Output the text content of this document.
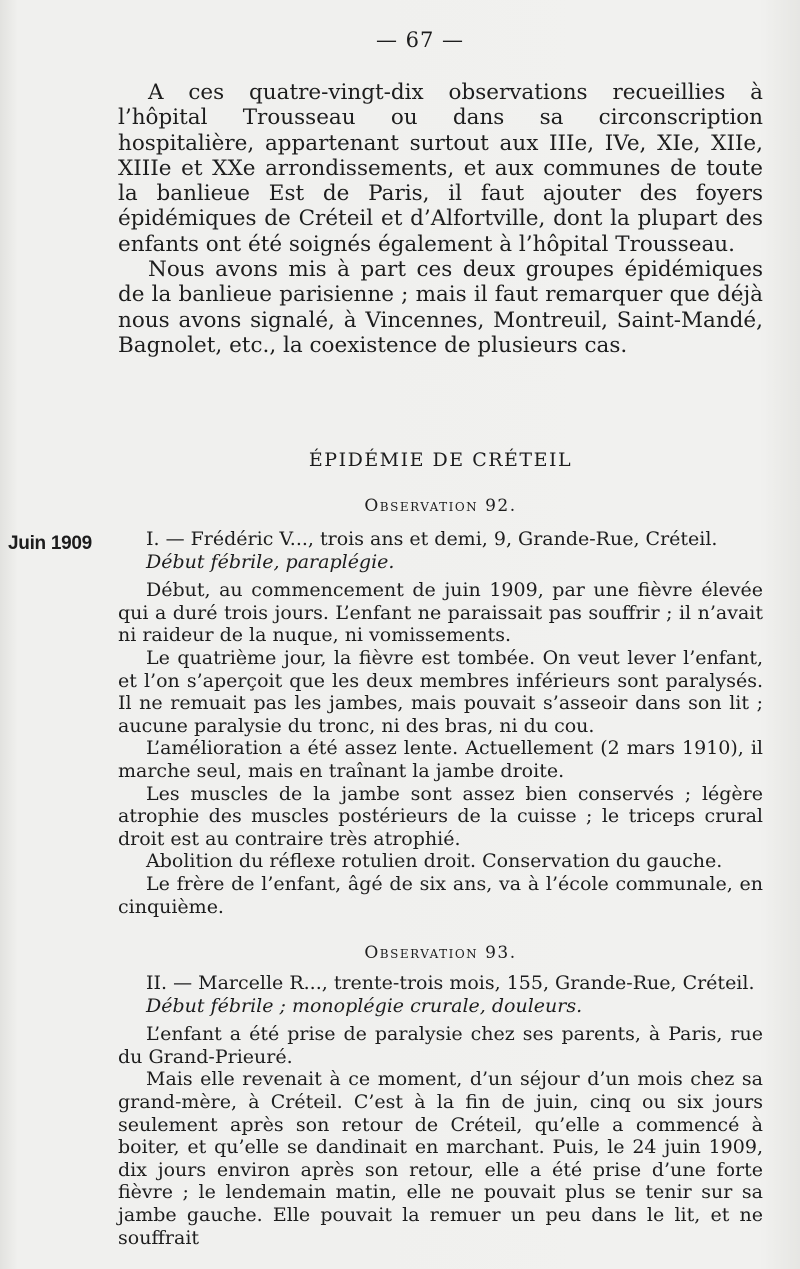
— 67 —

A ces quatre-vingt-dix observations recueillies à l’hôpital Trousseau ou dans sa circonscription hospitalière, appartenant surtout aux IIIe, IVe, XIe, XIIe, XIIIe et XXe arrondissements, et aux communes de toute la banlieue Est de Paris, il faut ajouter des foyers épidémiques de Créteil et d’Alfortville, dont la plupart des enfants ont été soignés également à l’hôpital Trousseau.

Nous avons mis à part ces deux groupes épidémiques de la banlieue parisienne ; mais il faut remarquer que déjà nous avons signalé, à Vincennes, Montreuil, Saint-Mandé, Bagnolet, etc., la coexistence de plusieurs cas.

ÉPIDÉMIE DE CRÉTEIL
Observation 92.
Juin 1909	I. — Frédéric V..., trois ans et demi, 9, Grande-Rue, Créteil.

Début fébrile, paraplégie.

Début, au commencement de juin 1909, par une fièvre élevée qui a duré trois jours. L’enfant ne paraissait pas souffrir ; il n’avait ni raideur de la nuque, ni vomissements.

Le quatrième jour, la fièvre est tombée. On veut lever l’enfant, et l’on s’aperçoit que les deux membres inférieurs sont paralysés. Il ne remuait pas les jambes, mais pouvait s’asseoir dans son lit ; aucune paralysie du tronc, ni des bras, ni du cou.

L’amélioration a été assez lente. Actuellement (2 mars 1910), il marche seul, mais en traînant la jambe droite.

Les muscles de la jambe sont assez bien conservés ; légère atrophie des muscles postérieurs de la cuisse ; le triceps crural droit est au contraire très atrophié.

Abolition du réflexe rotulien droit. Conservation du gauche.

Le frère de l’enfant, âgé de six ans, va à l’école communale, en cinquième.

Observation 93.

II. — Marcelle R..., trente-trois mois, 155, Grande-Rue, Créteil.

Début fébrile ; monoplégie crurale, douleurs.

L’enfant a été prise de paralysie chez ses parents, à Paris, rue du Grand-Prieuré.

Mais elle revenait à ce moment, d’un séjour d’un mois chez sa grand-mère, à Créteil. C’est à la fin de juin, cinq ou six jours seulement après son retour de Créteil, qu’elle a commencé à boiter, et qu’elle se dandinait en marchant. Puis, le 24 juin 1909, dix jours environ après son retour, elle a été prise d’une forte fièvre ; le lendemain matin, elle ne pouvait plus se tenir sur sa jambe gauche. Elle pouvait la remuer un peu dans le lit, et ne souffrait
